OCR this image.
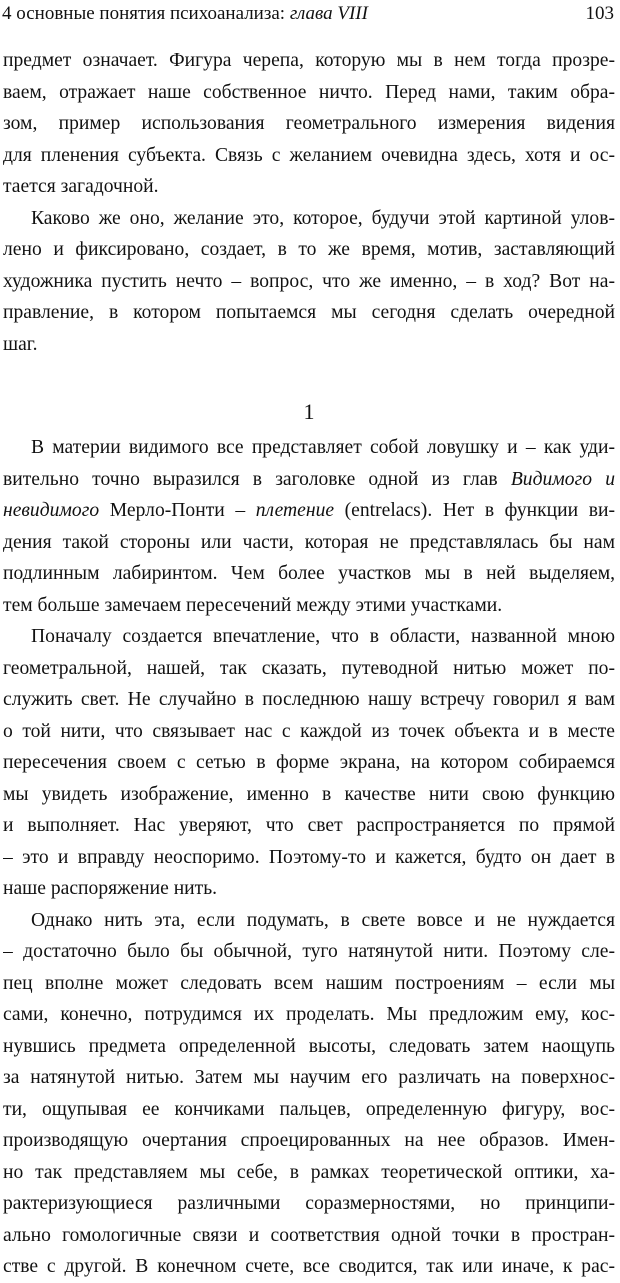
4 основные понятия психоанализа: глава VIII	103
предмет означает. Фигура черепа, которую мы в нем тогда прозре-
ваем, отражает наше собственное ничто. Перед нами, таким обра-
зом, пример использования геометрального измерения видения
для пленения субъекта. Связь с желанием очевидна здесь, хотя и ос-
тается загадочной.
Каково же оно, желание это, которое, будучи этой картиной улов-
лено и фиксировано, создает, в то же время, мотив, заставляющий
художника пустить нечто – вопрос, что же именно, – в ход? Вот на-
правление, в котором попытаемся мы сегодня сделать очередной
шаг.
1
В материи видимого все представляет собой ловушку и – как уди-
вительно точно выразился в заголовке одной из глав Видимого и
невидимого Мерло-Понти – плетение (entrelacs). Нет в функции ви-
дения такой стороны или части, которая не представлялась бы нам
подлинным лабиринтом. Чем более участков мы в ней выделяем,
тем больше замечаем пересечений между этими участками.
Поначалу создается впечатление, что в области, названной мною
геометральной, нашей, так сказать, путеводной нитью может по-
служить свет. Не случайно в последнюю нашу встречу говорил я вам
о той нити, что связывает нас с каждой из точек объекта и в месте
пересечения своем с сетью в форме экрана, на котором собираемся
мы увидеть изображение, именно в качестве нити свою функцию
и выполняет. Нас уверяют, что свет распространяется по прямой
– это и вправду неоспоримо. Поэтому-то и кажется, будто он дает в
наше распоряжение нить.
Однако нить эта, если подумать, в свете вовсе и не нуждается
– достаточно было бы обычной, туго натянутой нити. Поэтому сле-
пец вполне может следовать всем нашим построениям – если мы
сами, конечно, потрудимся их проделать. Мы предложим ему, кос-
нувшись предмета определенной высоты, следовать затем наощупь
за натянутой нитью. Затем мы научим его различать на поверхнос-
ти, ощупывая ее кончиками пальцев, определенную фигуру, вос-
производящую очертания спроецированных на нее образов. Имен-
но так представляем мы себе, в рамках теоретической оптики, ха-
рактеризующиеся различными соразмерностями, но принципи-
ально гомологичные связи и соответствия одной точки в простран-
стве с другой. В конечном счете, все сводится, так или иначе, к рас-
